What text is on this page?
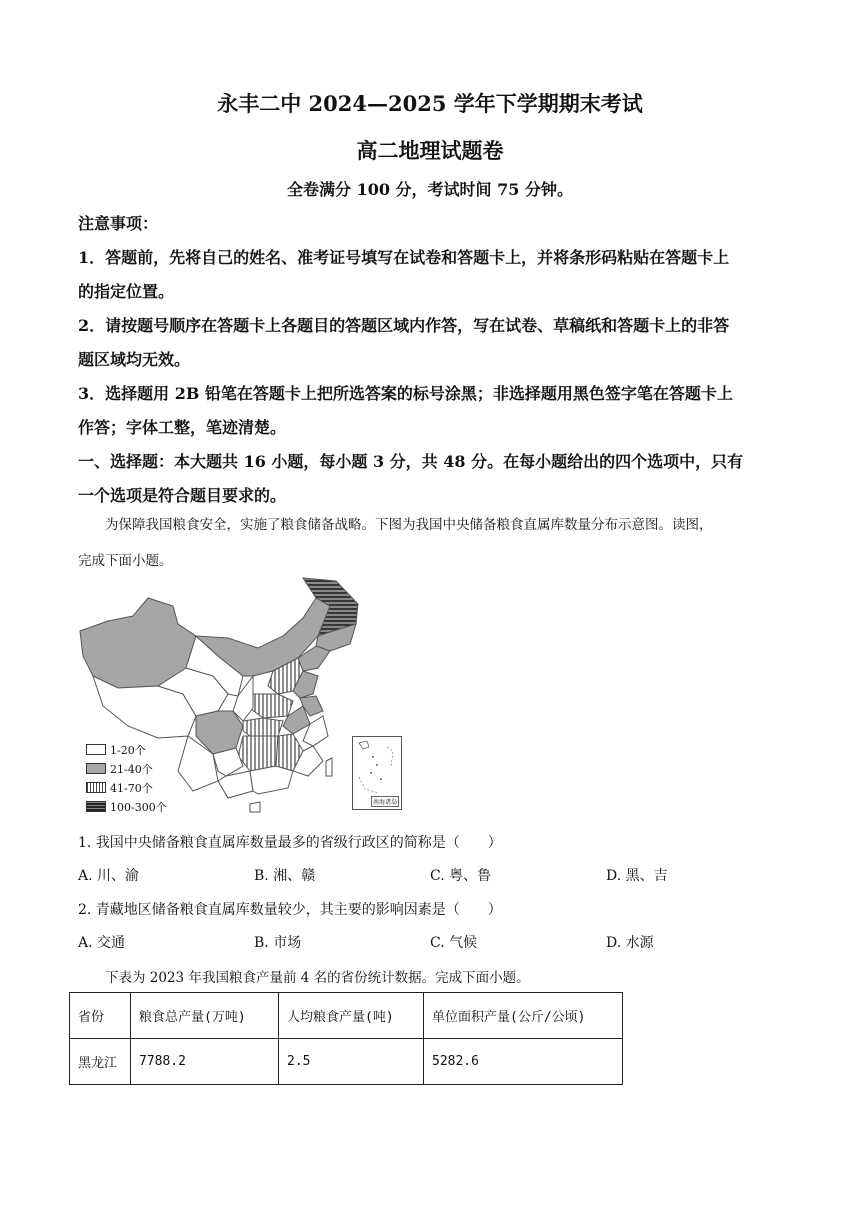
永丰二中 2024—2025 学年下学期期末考试
高二地理试题卷
全卷满分 100 分，考试时间 75 分钟。
注意事项：
1．答题前，先将自己的姓名、准考证号填写在试卷和答题卡上，并将条形码粘贴在答题卡上
的指定位置。
2．请按题号顺序在答题卡上各题目的答题区域内作答，写在试卷、草稿纸和答题卡上的非答
题区域均无效。
3．选择题用 2B 铅笔在答题卡上把所选答案的标号涂黑；非选择题用黑色签字笔在答题卡上
作答；字体工整，笔迹清楚。
一、选择题：本大题共 16 小题，每小题 3 分，共 48 分。在每小题给出的四个选项中，只有
一个选项是符合题目要求的。
为保障我国粮食安全，实施了粮食储备战略。下图为我国中央储备粮食直属库数量分布示意图。读图，
完成下面小题。
1-20个
21-40个
41-70个
100-300个	南海诸岛
1. 我国中央储备粮食直属库数量最多的省级行政区的简称是（　　）
A. 川、渝	B. 湘、赣	C. 粤、鲁	D. 黑、吉
2. 青藏地区储备粮食直属库数量较少，其主要的影响因素是（　　）
A. 交通	B. 市场	C. 气候	D. 水源
下表为 2023 年我国粮食产量前 4 名的省份统计数据。完成下面小题。
省份	粮食总产量(万吨)	人均粮食产量(吨)	单位面积产量(公斤/公顷)
黑龙江	7788.2	2.5	5282.6
